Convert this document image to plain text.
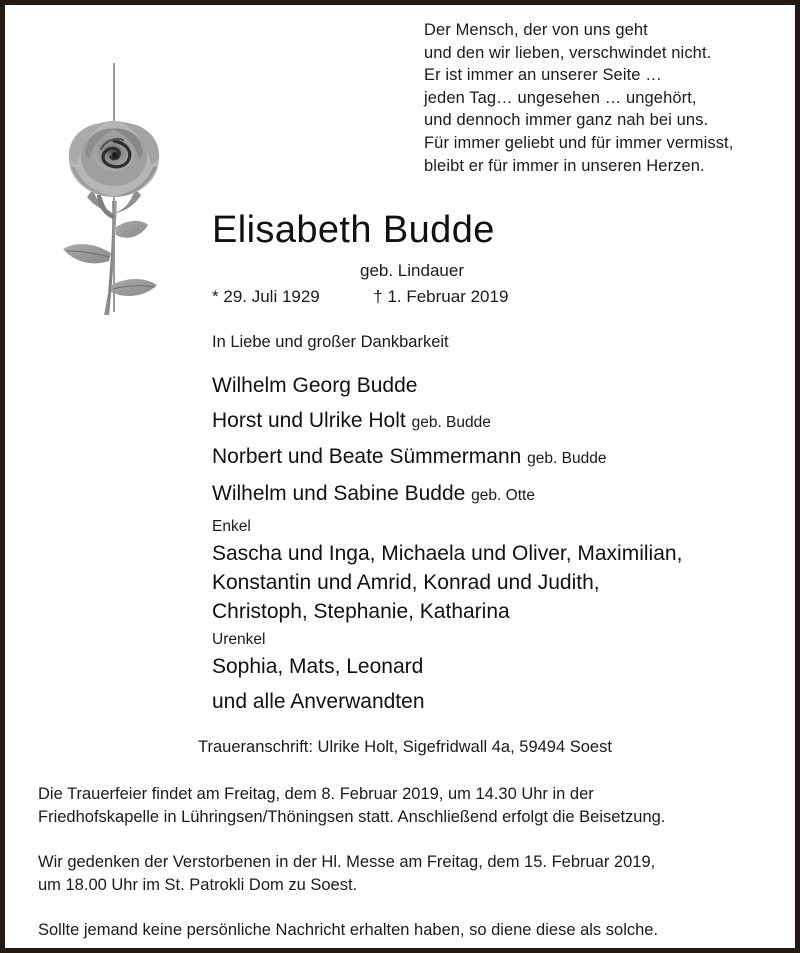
Der Mensch, der von uns geht
und den wir lieben, verschwindet nicht.
Er ist immer an unserer Seite …
jeden Tag… ungesehen … ungehört,
und dennoch immer ganz nah bei uns.
Für immer geliebt und für immer vermisst,
bleibt er für immer in unseren Herzen.
Elisabeth Budde
geb. Lindauer
* 29. Juli 1929	† 1. Februar 2019
In Liebe und großer Dankbarkeit
Wilhelm Georg Budde
Horst und Ulrike Holt geb. Budde
Norbert und Beate Sümmermann geb. Budde
Wilhelm und Sabine Budde geb. Otte
Enkel
Sascha und Inga, Michaela und Oliver, Maximilian,
Konstantin und Amrid, Konrad und Judith,
Christoph, Stephanie, Katharina
Urenkel
Sophia, Mats, Leonard
und alle Anverwandten
Traueranschrift: Ulrike Holt, Sigefridwall 4a, 59494 Soest

Die Trauerfeier findet am Freitag, dem 8. Februar 2019, um 14.30 Uhr in der

Friedhofskapelle in Lühringsen/Thöningsen statt. Anschließend erfolgt die Beisetzung.

Wir gedenken der Verstorbenen in der Hl. Messe am Freitag, dem 15. Februar 2019,

um 18.00 Uhr im St. Patrokli Dom zu Soest.

Sollte jemand keine persönliche Nachricht erhalten haben, so diene diese als solche.
